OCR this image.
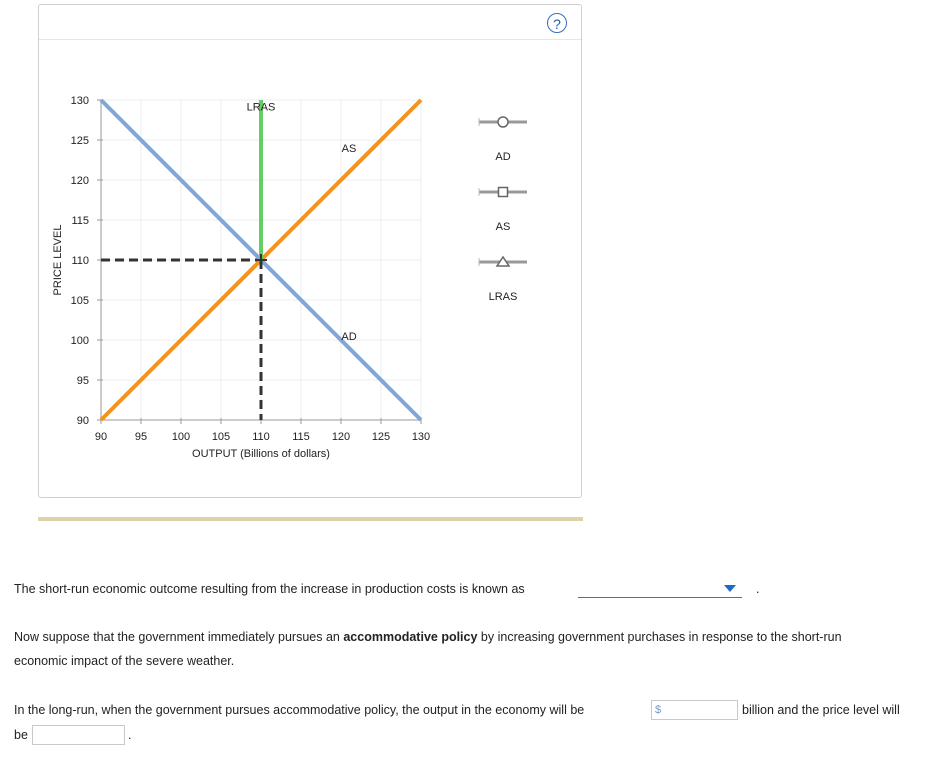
?
90
95
100
105
110
115
120
125
130
90	95 100 105 110 115 120 125 130
OUTPUT (Billions of dollars)
PRICE LEVEL
AD
AS
LRAS
AD
AS
LRAS
The short-run economic outcome resulting from the increase in production costs is known as	.
Now suppose that the government immediately pursues an accommodative policy by increasing government purchases in response to the short-run
economic impact of the severe weather.
In the long-run, when the government pursues accommodative policy, the output in the economy will be	$	billion and the price level will
be	.
